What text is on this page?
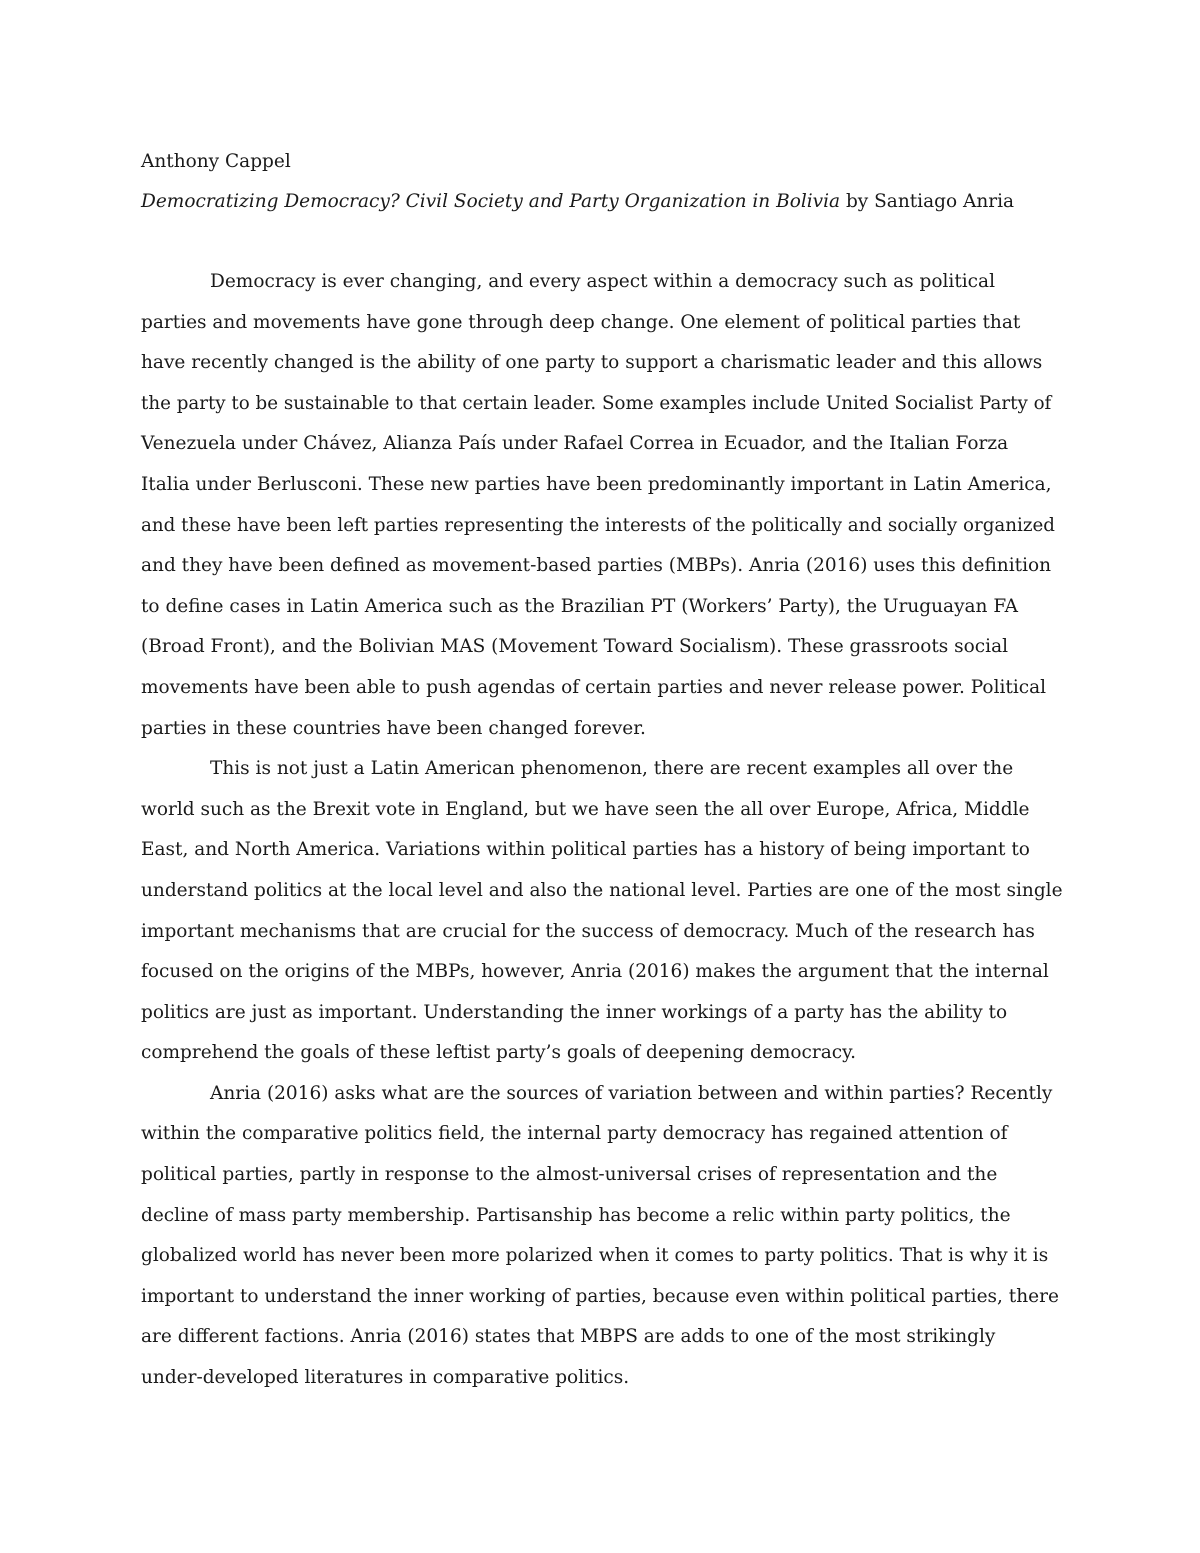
Anthony Cappel

Democratizing Democracy? Civil Society and Party Organization in Bolivia by Santiago Anria

Democracy is ever changing, and every aspect within a democracy such as political

parties and movements have gone through deep change. One element of political parties that

have recently changed is the ability of one party to support a charismatic leader and this allows

the party to be sustainable to that certain leader. Some examples include United Socialist Party of

Venezuela under Chávez, Alianza País under Rafael Correa in Ecuador, and the Italian Forza

Italia under Berlusconi. These new parties have been predominantly important in Latin America,

and these have been left parties representing the interests of the politically and socially organized

and they have been defined as movement-based parties (MBPs). Anria (2016) uses this definition

to define cases in Latin America such as the Brazilian PT (Workers’ Party), the Uruguayan FA

(Broad Front), and the Bolivian MAS (Movement Toward Socialism). These grassroots social

movements have been able to push agendas of certain parties and never release power. Political

parties in these countries have been changed forever.

This is not just a Latin American phenomenon, there are recent examples all over the

world such as the Brexit vote in England, but we have seen the all over Europe, Africa, Middle

East, and North America. Variations within political parties has a history of being important to

understand politics at the local level and also the national level. Parties are one of the most single

important mechanisms that are crucial for the success of democracy. Much of the research has

focused on the origins of the MBPs, however, Anria (2016) makes the argument that the internal

politics are just as important. Understanding the inner workings of a party has the ability to

comprehend the goals of these leftist party’s goals of deepening democracy.

Anria (2016) asks what are the sources of variation between and within parties? Recently

within the comparative politics field, the internal party democracy has regained attention of

political parties, partly in response to the almost-universal crises of representation and the

decline of mass party membership. Partisanship has become a relic within party politics, the

globalized world has never been more polarized when it comes to party politics. That is why it is

important to understand the inner working of parties, because even within political parties, there

are different factions. Anria (2016) states that MBPS are adds to one of the most strikingly

under-developed literatures in comparative politics.
